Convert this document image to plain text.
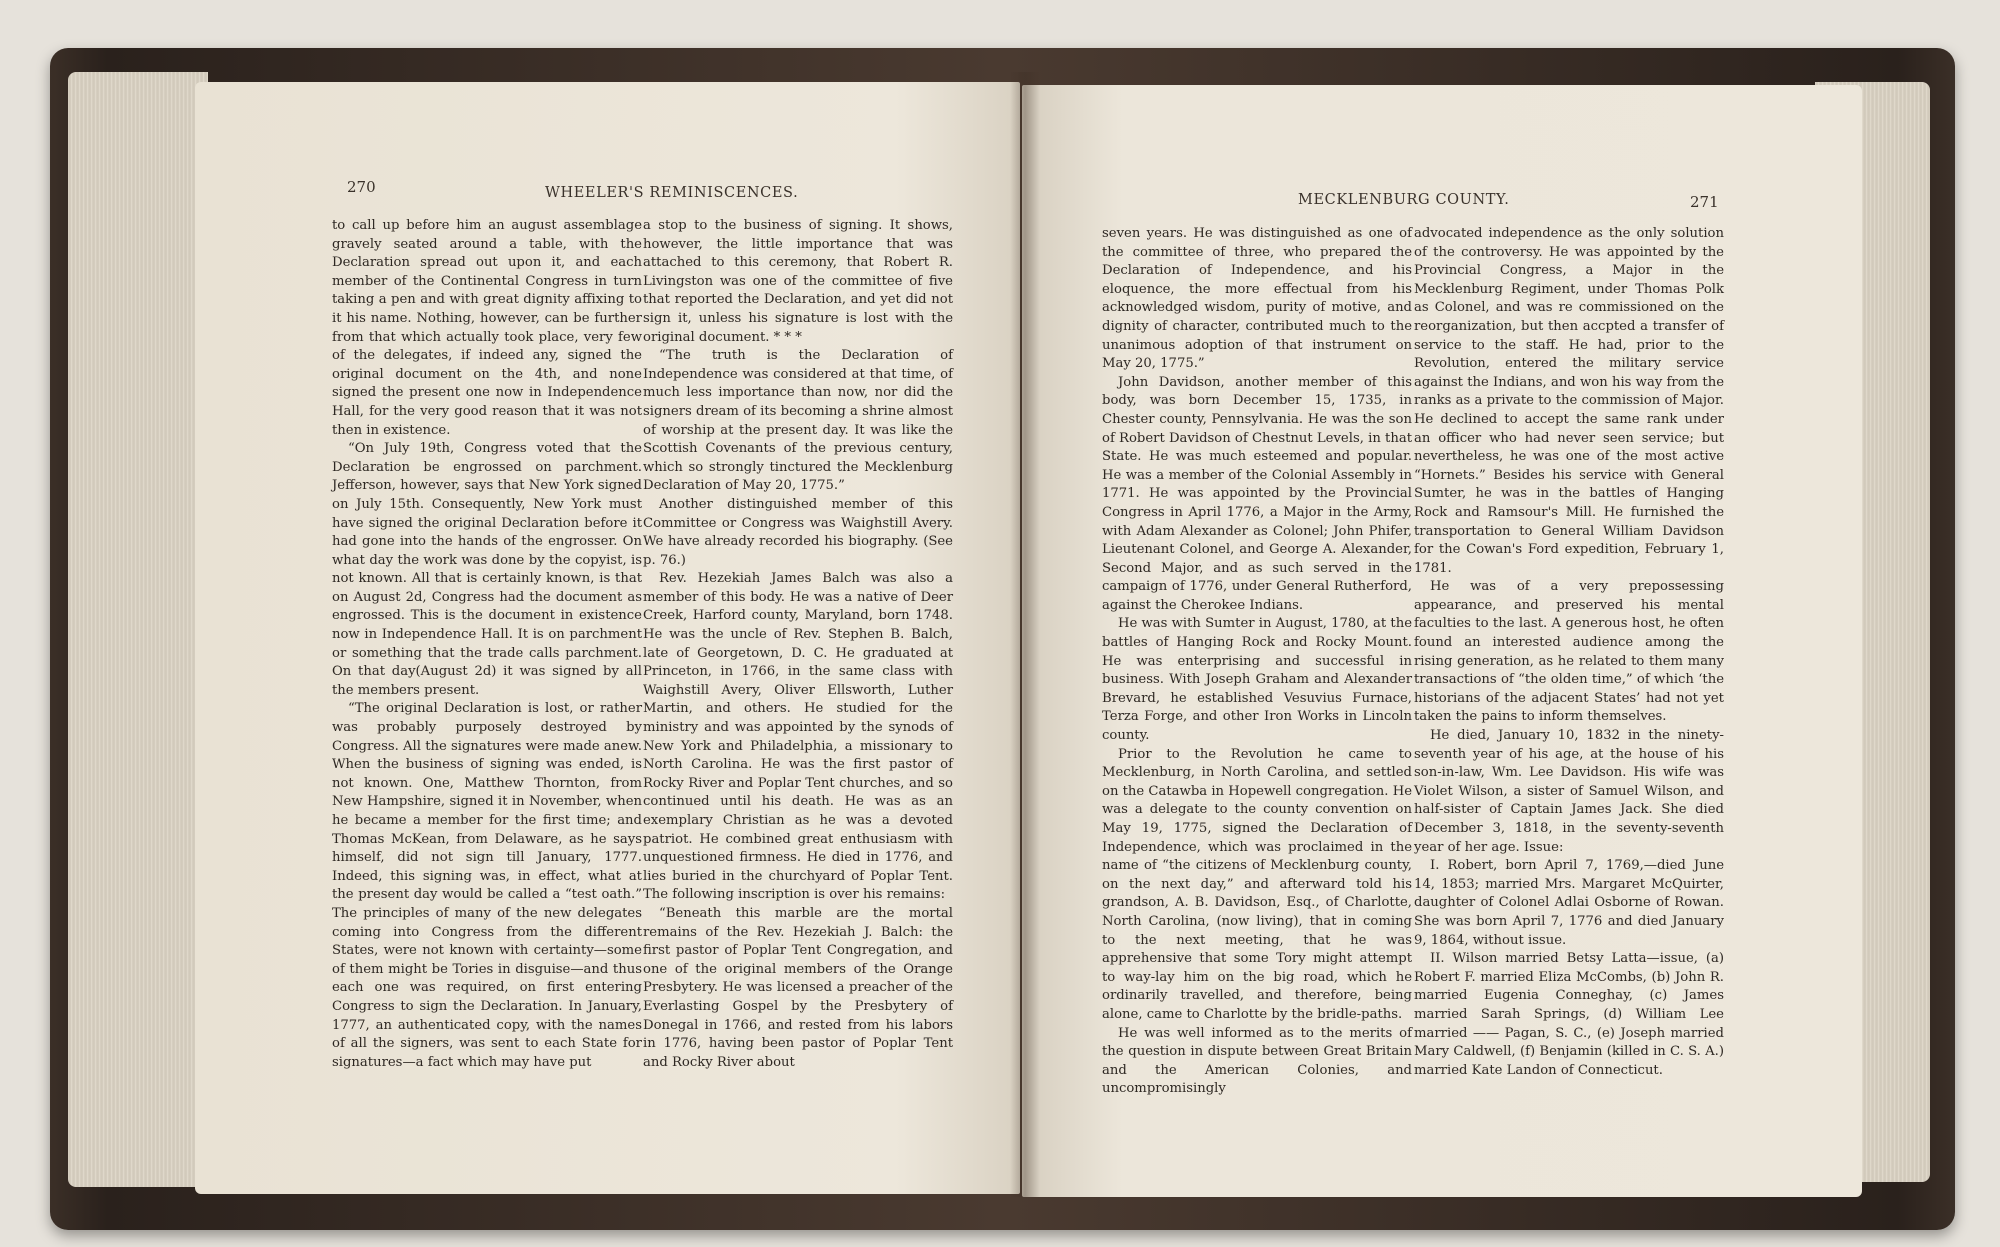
270	WHEELER'S REMINISCENCES.

to call up before him an august assemblage gravely seated around a table, with the Declaration spread out upon it, and each member of the Continental Congress in turn taking a pen and with great dignity affixing to it his name. Nothing, however, can be further from that which actually took place, very few of the delegates, if indeed any, signed the original document on the 4th, and none signed the present one now in Independence Hall, for the very good reason that it was not then in existence.

“On July 19th, Congress voted that the Declaration be engrossed on parchment. Jefferson, however, says that New York signed on July 15th. Consequently, New York must have signed the original Declaration before it had gone into the hands of the engrosser. On what day the work was done by the copyist, is not known. All that is certainly known, is that on August 2d, Congress had the document as engrossed. This is the document in existence now in Independence Hall. It is on parchment or something that the trade calls parchment. On that day(August 2d) it was signed by all the members present.

“The original Declaration is lost, or rather was probably purposely destroyed by Congress. All the signatures were made anew. When the business of signing was ended, is not known. One, Matthew Thornton, from New Hampshire, signed it in November, when he became a member for the first time; and Thomas McKean, from Delaware, as he says himself, did not sign till January, 1777. Indeed, this signing was, in effect, what at the present day would be called a “test oath.” The principles of many of the new delegates coming into Congress from the different States, were not known with certainty—some of them might be Tories in disguise—and thus each one was required, on first entering Congress to sign the Declaration. In January, 1777, an authenticated copy, with the names of all the signers, was sent to each State for signatures—a fact which may have put

a stop to the business of signing. It shows, however, the little importance that was attached to this ceremony, that Robert R. Livingston was one of the committee of five that reported the Declaration, and yet did not sign it, unless his signature is lost with the original document. * * *

“The truth is the Declaration of Independence was considered at that time, of much less importance than now, nor did the signers dream of its becoming a shrine almost of worship at the present day. It was like the Scottish Covenants of the previous century, which so strongly tinctured the Mecklenburg Declaration of May 20, 1775.”

Another distinguished member of this Committee or Congress was Waighstill Avery. We have already recorded his biography. (See p. 76.)

Rev. Hezekiah James Balch was also a member of this body. He was a native of Deer Creek, Harford county, Maryland, born 1748. He was the uncle of Rev. Stephen B. Balch, late of Georgetown, D. C. He graduated at Princeton, in 1766, in the same class with Waighstill Avery, Oliver Ellsworth, Luther Martin, and others. He studied for the ministry and was appointed by the synods of New York and Philadelphia, a missionary to North Carolina. He was the first pastor of Rocky River and Poplar Tent churches, and so continued until his death. He was as an exemplary Christian as he was a devoted patriot. He combined great enthusiasm with unquestioned firmness. He died in 1776, and lies buried in the churchyard of Poplar Tent. The following inscription is over his remains:

“Beneath this marble are the mortal remains of the Rev. Hezekiah J. Balch: the first pastor of Poplar Tent Congregation, and one of the original members of the Orange Presbytery. He was licensed a preacher of the Everlasting Gospel by the Presbytery of Donegal in 1766, and rested from his labors in 1776, having been pastor of Poplar Tent and Rocky River about

MECKLENBURG COUNTY.	271

seven years. He was distinguished as one of the committee of three, who prepared the Declaration of Independence, and his eloquence, the more effectual from his acknowledged wisdom, purity of motive, and dignity of character, contributed much to the unanimous adoption of that instrument on May 20, 1775.”

John Davidson, another member of this body, was born December 15, 1735, in Chester county, Pennsylvania. He was the son of Robert Davidson of Chestnut Levels, in that State. He was much esteemed and popular. He was a member of the Colonial Assembly in 1771. He was appointed by the Provincial Congress in April 1776, a Major in the Army, with Adam Alexander as Colonel; John Phifer, Lieutenant Colonel, and George A. Alexander, Second Major, and as such served in the campaign of 1776, under General Rutherford, against the Cherokee Indians.

He was with Sumter in August, 1780, at the battles of Hanging Rock and Rocky Mount. He was enterprising and successful in business. With Joseph Graham and Alexander Brevard, he established Vesuvius Furnace, Terza Forge, and other Iron Works in Lincoln county.

Prior to the Revolution he came to Mecklenburg, in North Carolina, and settled on the Catawba in Hopewell congregation. He was a delegate to the county convention on May 19, 1775, signed the Declaration of Independence, which was proclaimed in the name of “the citizens of Mecklenburg county, on the next day,” and afterward told his grandson, A. B. Davidson, Esq., of Charlotte, North Carolina, (now living), that in coming to the next meeting, that he was apprehensive that some Tory might attempt to way-lay him on the big road, which he ordinarily travelled, and therefore, being alone, came to Charlotte by the bridle-paths.

He was well informed as to the merits of the question in dispute between Great Britain and the American Colonies, and uncompromisingly

advocated independence as the only solution of the controversy. He was appointed by the Provincial Congress, a Major in the Mecklenburg Regiment, under Thomas Polk as Colonel, and was re commissioned on the reorganization, but then accpted a transfer of service to the staff. He had, prior to the Revolution, entered the military service against the Indians, and won his way from the ranks as a private to the commission of Major. He declined to accept the same rank under an officer who had never seen service; but nevertheless, he was one of the most active “Hornets.” Besides his service with General Sumter, he was in the battles of Hanging Rock and Ramsour's Mill. He furnished the transportation to General William Davidson for the Cowan's Ford expedition, February 1, 1781.

He was of a very prepossessing appearance, and preserved his mental faculties to the last. A generous host, he often found an interested audience among the rising generation, as he related to them many transactions of “the olden time,” of which ‘the historians of the adjacent States’ had not yet taken the pains to inform themselves.

He died, January 10, 1832 in the ninety-seventh year of his age, at the house of his son-in-law, Wm. Lee Davidson. His wife was Violet Wilson, a sister of Samuel Wilson, and half-sister of Captain James Jack. She died December 3, 1818, in the seventy-seventh year of her age. Issue:

I. Robert, born April 7, 1769,—died June 14, 1853; married Mrs. Margaret McQuirter, daughter of Colonel Adlai Osborne of Rowan. She was born April 7, 1776 and died January 9, 1864, without issue.

II. Wilson married Betsy Latta—issue, (a) Robert F. married Eliza McCombs, (b) John R. married Eugenia Conneghay, (c) James married Sarah Springs, (d) William Lee married —— Pagan, S. C., (e) Joseph married Mary Caldwell, (f) Benjamin (killed in C. S. A.) married Kate Landon of Connecticut.
